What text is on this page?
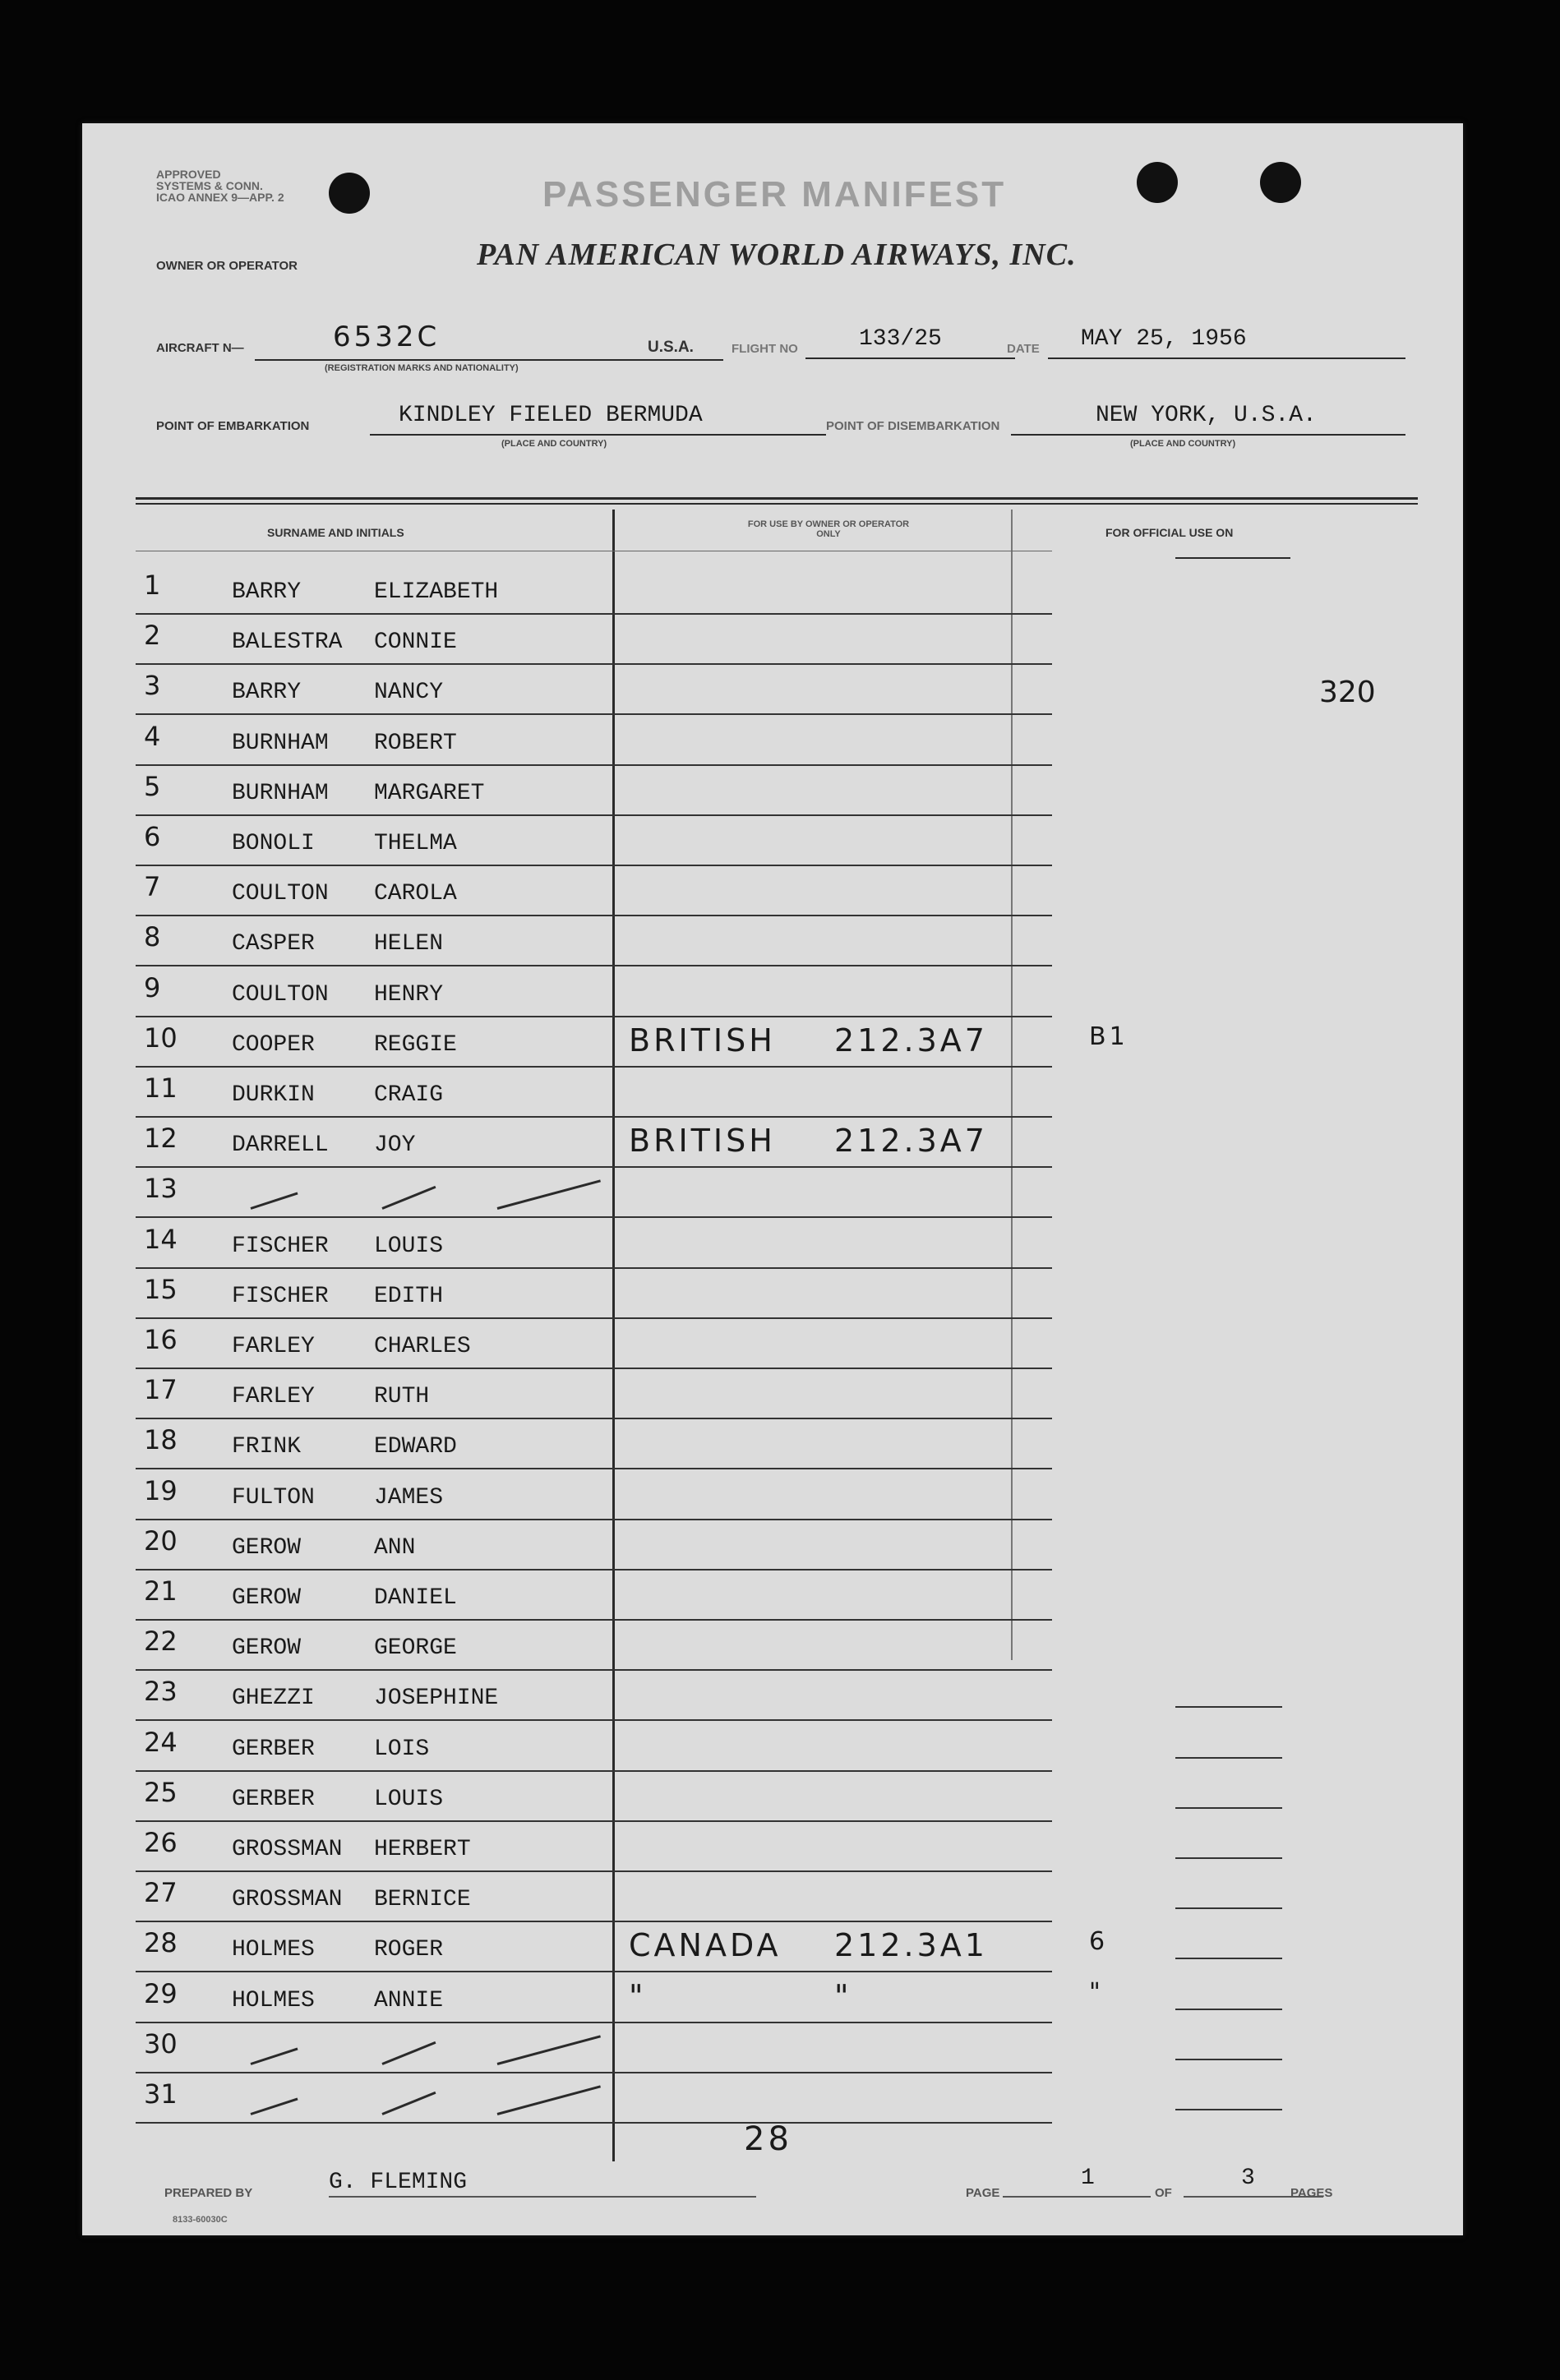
APPROVED
SYSTEMS & CONN.
ICAO ANNEX 9—APP. 2	PASSENGER MANIFEST
OWNER OR OPERATOR	PAN AMERICAN WORLD AIRWAYS, INC.
AIRCRAFT N—	6532C
(REGISTRATION MARKS AND NATIONALITY)
U.S.A.	FLIGHT NO	133/25	DATE MAY 25, 1956
POINT OF EMBARKATION	KINDLEY FIELED BERMUDA
(PLACE AND COUNTRY)
POINT OF DISEMBARKATION	NEW YORK, U.S.A.
(PLACE AND COUNTRY)
SURNAME AND INITIALS
FOR USE BY OWNER OR OPERATOR ONLY	FOR OFFICIAL USE ON
320
1	BARRY	ELIZABETH
2	BALESTRA CONNIE
3	BARRY	NANCY
4	BURNHAM ROBERT
5	BURNHAM MARGARET
6	BONOLI	THELMA
7	COULTON CAROLA
8	CASPER	HELEN
9	COULTON HENRY
10 COOPER	REGGIE	BRITISH 212.3A7	B1
11 DURKIN	CRAIG
12 DARRELL JOY	BRITISH 212.3A7
13
14 FISCHER LOUIS
15 FISCHER EDITH
16 FARLEY	CHARLES
17 FARLEY	RUTH
18 FRINK	EDWARD
19 FULTON	JAMES
20 GEROW	ANN
21 GEROW	DANIEL
22 GEROW	GEORGE
23 GHEZZI	JOSEPHINE
24 GERBER	LOIS
25 GERBER	LOUIS
26 GROSSMAN HERBERT
27 GROSSMAN BERNICE
28 HOLMES	ROGER	CANADA 212.3A1	6
29 HOLMES	ANNIE	"	"	"
30
31
PREPARED BY	G. FLEMING
28
PAGE
1
OF
3
PAGES
8133-60030C
